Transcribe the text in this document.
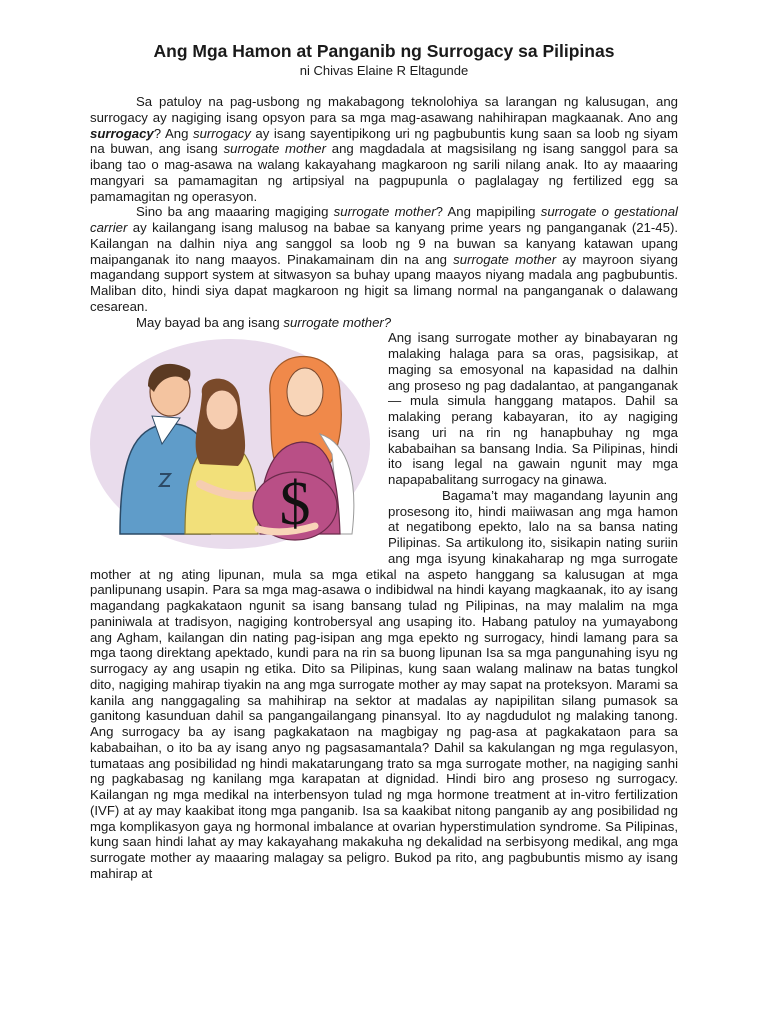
Ang Mga Hamon at Panganib ng Surrogacy sa Pilipinas
ni Chivas Elaine R Eltagunde

Sa patuloy na pag-usbong ng makabagong teknolohiya sa larangan ng kalusugan, ang surrogacy ay nagiging isang opsyon para sa mga mag-asawang nahihirapan magkaanak. Ano ang surrogacy? Ang surrogacy ay isang sayentipikong uri ng pagbubuntis kung saan sa loob ng siyam na buwan, ang isang surrogate mother ang magdadala at magsisilang ng isang sanggol para sa ibang tao o mag-asawa na walang kakayahang magkaroon ng sarili nilang anak. Ito ay maaaring mangyari sa pamamagitan ng artipsiyal na pagpupunla o paglalagay ng fertilized egg sa pamamagitan ng operasyon.

Sino ba ang maaaring magiging surrogate mother? Ang mapipiling surrogate o gestational carrier ay kailangang isang malusog na babae sa kanyang prime years ng panganganak (21-45). Kailangan na dalhin niya ang sanggol sa loob ng 9 na buwan sa kanyang katawan upang maipanganak ito nang maayos. Pinakamainam din na ang surrogate mother ay mayroon siyang magandang support system at sitwasyon sa buhay upang maayos niyang madala ang pagbubuntis. Maliban dito, hindi siya dapat magkaroon ng higit sa limang normal na panganganak o dalawang cesarean.

May bayad ba ang isang surrogate mother?

$

Ang isang surrogate mother ay binabayaran ng malaking halaga para sa oras, pagsisikap, at maging sa emosyonal na kapasidad na dalhin ang proseso ng pag dadalantao, at panganganak — mula simula hanggang matapos. Dahil sa malaking perang kabayaran, ito ay nagiging isang uri na rin ng hanapbuhay ng mga kababaihan sa bansang India. Sa Pilipinas, hindi ito isang legal na gawain ngunit may mga napapabalitang surrogacy na ginawa.

Bagama’t may magandang layunin ang prosesong ito, hindi maiiwasan ang mga hamon at negatibong epekto, lalo na sa bansa nating Pilipinas. Sa artikulong ito, sisikapin nating suriin ang mga isyung kinakaharap ng mga surrogate mother at ng ating lipunan, mula sa mga etikal na aspeto hanggang sa kalusugan at mga panlipunang usapin. Para sa mga mag-asawa o indibidwal na hindi kayang magkaanak, ito ay isang magandang pagkakataon ngunit sa isang bansang tulad ng Pilipinas, na may malalim na mga paniniwala at tradisyon, nagiging kontrobersyal ang usaping ito. Habang patuloy na yumayabong ang Agham, kailangan din nating pag-isipan ang mga epekto ng surrogacy, hindi lamang para sa mga taong direktang apektado, kundi para na rin sa buong lipunan Isa sa mga pangunahing isyu ng surrogacy ay ang usapin ng etika. Dito sa Pilipinas, kung saan walang malinaw na batas tungkol dito, nagiging mahirap tiyakin na ang mga surrogate mother ay may sapat na proteksyon. Marami sa kanila ang nanggagaling sa mahihirap na sektor at madalas ay napipilitan silang pumasok sa ganitong kasunduan dahil sa pangangailangang pinansyal. Ito ay nagdudulot ng malaking tanong. Ang surrogacy ba ay isang pagkakataon na magbigay ng pag-asa at pagkakataon para sa kababaihan, o ito ba ay isang anyo ng pagsasamantala? Dahil sa kakulangan ng mga regulasyon, tumataas ang posibilidad ng hindi makatarungang trato sa mga surrogate mother, na nagiging sanhi ng pagkabasag ng kanilang mga karapatan at dignidad. Hindi biro ang proseso ng surrogacy. Kailangan ng mga medikal na interbensyon tulad ng mga hormone treatment at in-vitro fertilization (IVF) at ay may kaakibat itong mga panganib. Isa sa kaakibat nitong panganib ay ang posibilidad ng mga komplikasyon gaya ng hormonal imbalance at ovarian hyperstimulation syndrome. Sa Pilipinas, kung saan hindi lahat ay may kakayahang makakuha ng dekalidad na serbisyong medikal, ang mga surrogate mother ay maaaring malagay sa peligro. Bukod pa rito, ang pagbubuntis mismo ay isang mahirap at
